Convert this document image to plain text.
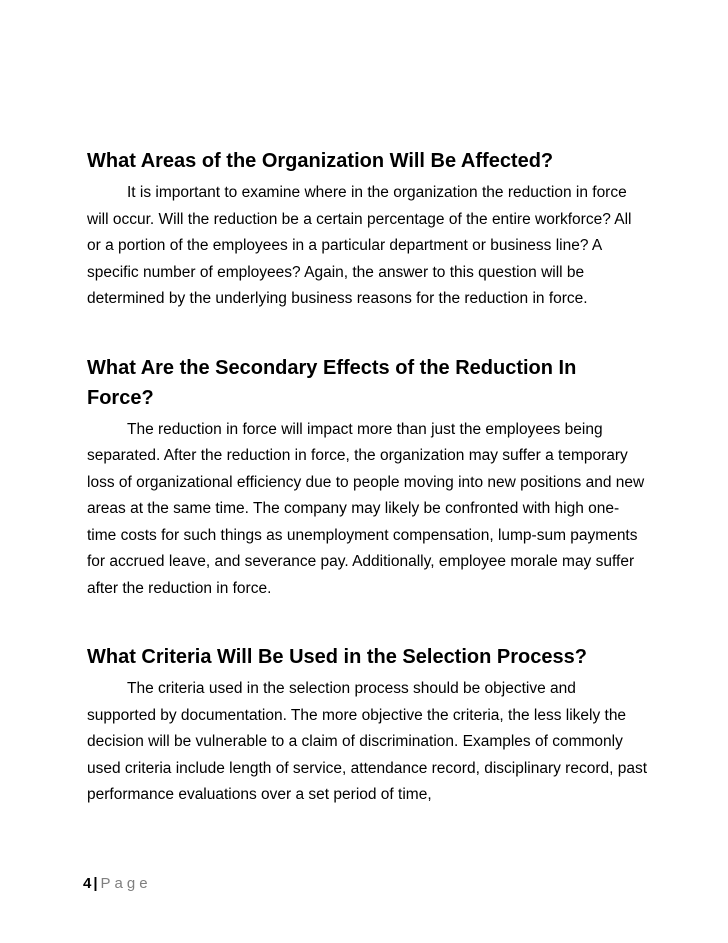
What Areas of the Organization Will Be Affected?

It is important to examine where in the organization the reduction in force will occur. Will the reduction be a certain percentage of the entire workforce? All or a portion of the employees in a particular department or business line? A specific number of employees? Again, the answer to this question will be determined by the underlying business reasons for the reduction in force.

What Are the Secondary Effects of the Reduction In Force?

The reduction in force will impact more than just the employees being separated. After the reduction in force, the organization may suffer a temporary loss of organizational efficiency due to people moving into new positions and new areas at the same time. The company may likely be confronted with high one-time costs for such things as unemployment compensation, lump-sum payments for accrued leave, and severance pay. Additionally, employee morale may suffer after the reduction in force.

What Criteria Will Be Used in the Selection Process?

The criteria used in the selection process should be objective and supported by documentation. The more objective the criteria, the less likely the decision will be vulnerable to a claim of discrimination. Examples of commonly used criteria include length of service, attendance record, disciplinary record, past performance evaluations over a set period of time,

4 | Page
